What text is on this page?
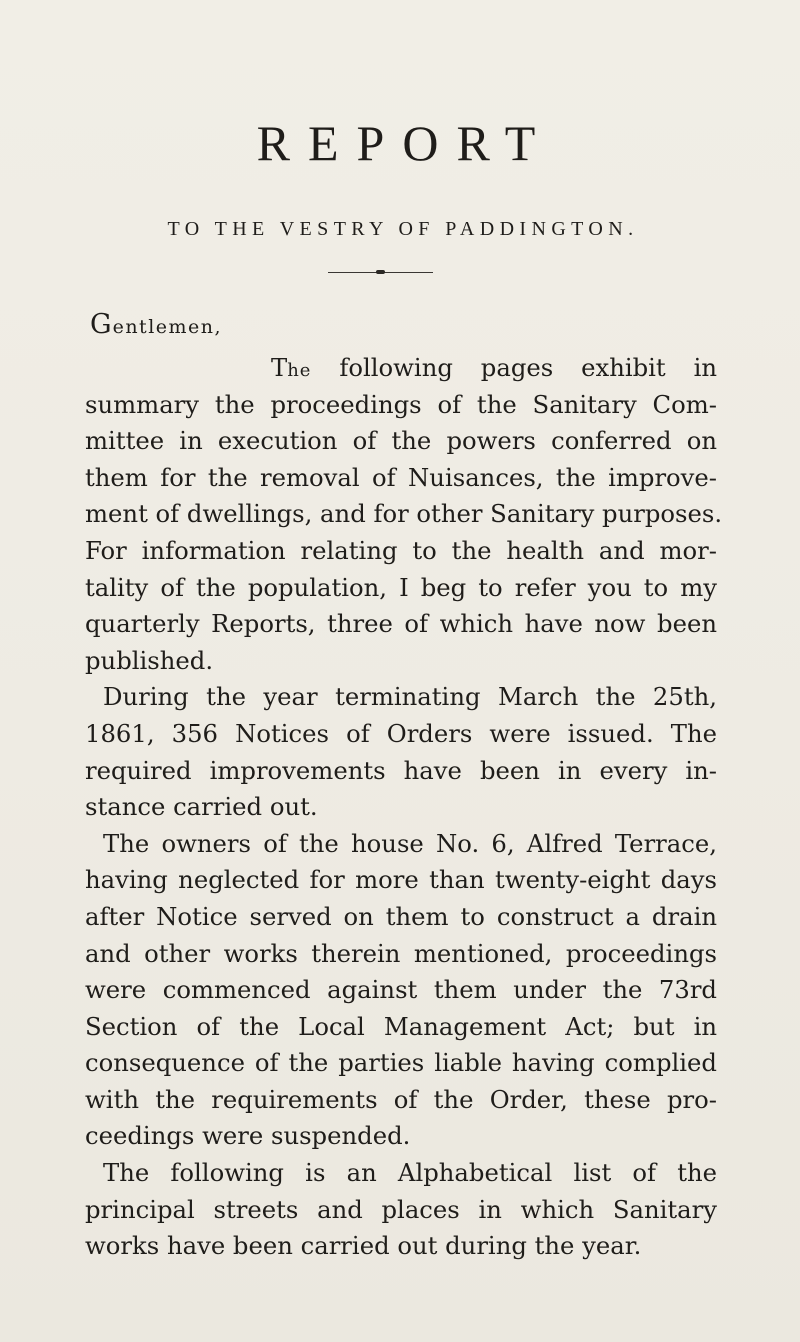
REPORT

TO THE VESTRY OF PADDINGTON.

Gentlemen,

The following pages exhibit in
summary the proceedings of the Sanitary Com-
mittee in execution of the powers conferred on
them for the removal of Nuisances, the improve-
ment of dwellings, and for other Sanitary purposes.
For information relating to the health and mor-
tality of the population, I beg to refer you to my
quarterly Reports, three of which have now been
published.
During the year terminating March the 25th,
1861, 356 Notices of Orders were issued. The
required improvements have been in every in-
stance carried out.
The owners of the house No. 6, Alfred Terrace,
having neglected for more than twenty-eight days
after Notice served on them to construct a drain
and other works therein mentioned, proceedings
were commenced against them under the 73rd
Section of the Local Management Act; but in
consequence of the parties liable having complied
with the requirements of the Order, these pro-
ceedings were suspended.
The following is an Alphabetical list of the
principal streets and places in which Sanitary
works have been carried out during the year.
